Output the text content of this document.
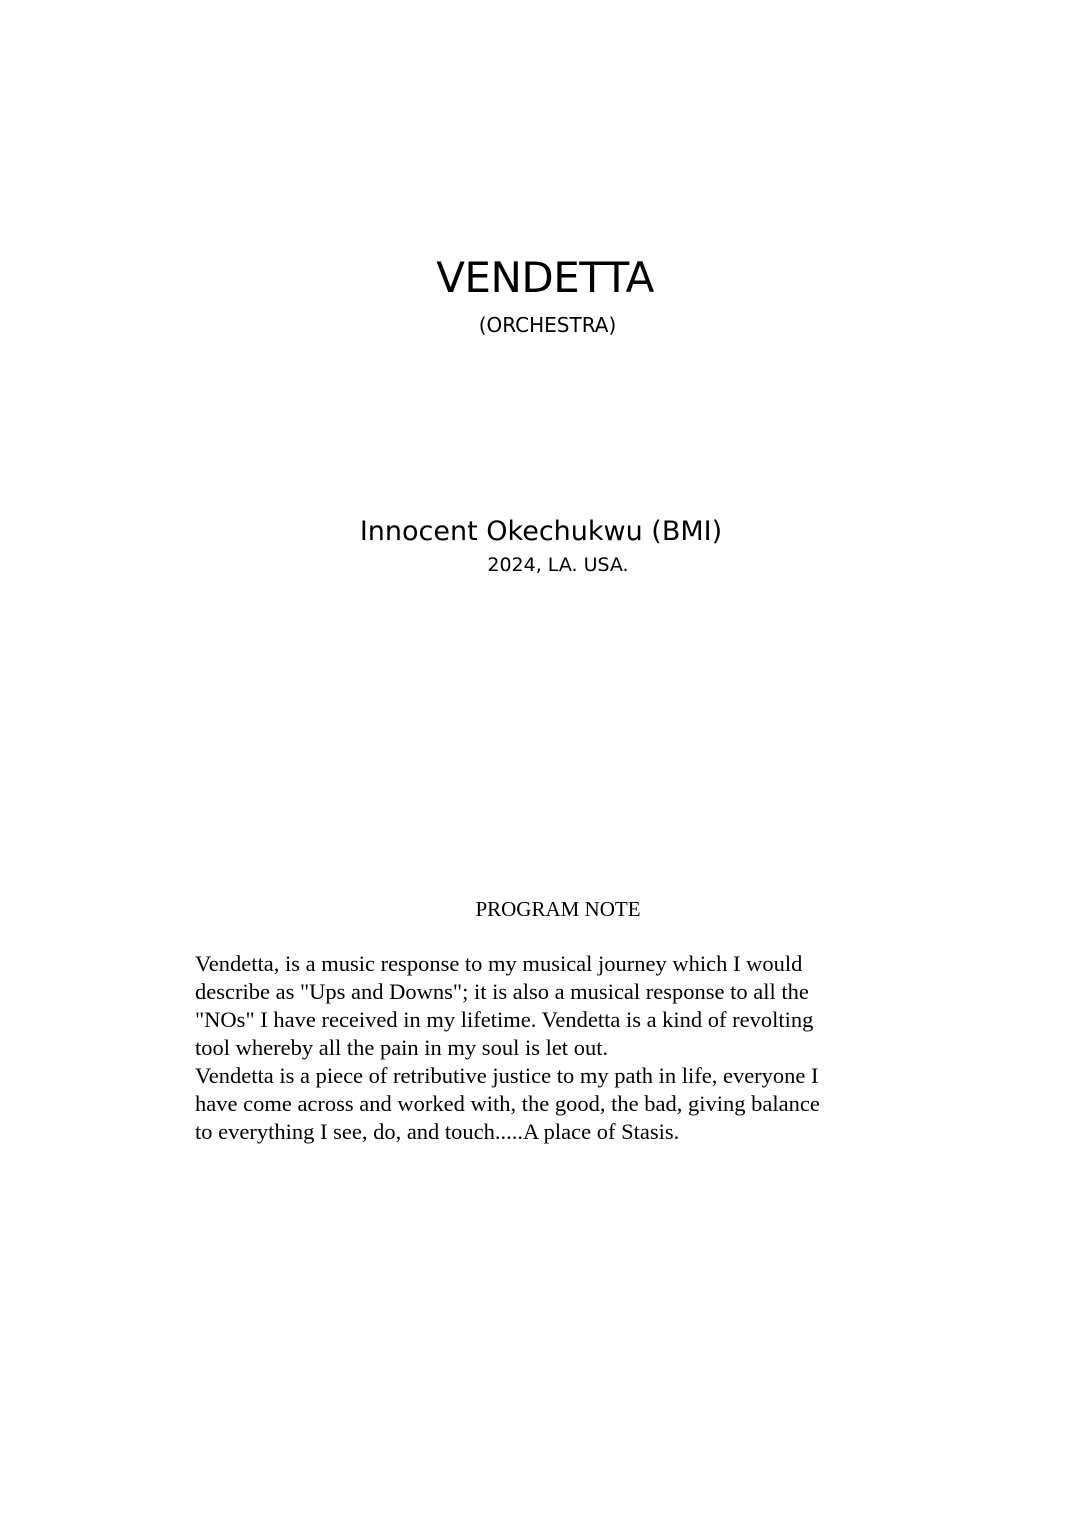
VENDETTA
(ORCHESTRA)
Innocent Okechukwu (BMI)
2024, LA. USA.
PROGRAM NOTE
Vendetta, is a music response to my musical journey which I would
describe as "Ups and Downs"; it is also a musical response to all the
"NOs" I have received in my lifetime. Vendetta is a kind of revolting
tool whereby all the pain in my soul is let out.
Vendetta is a piece of retributive justice to my path in life, everyone I
have come across and worked with, the good, the bad, giving balance
to everything I see, do, and touch.....A place of Stasis.
